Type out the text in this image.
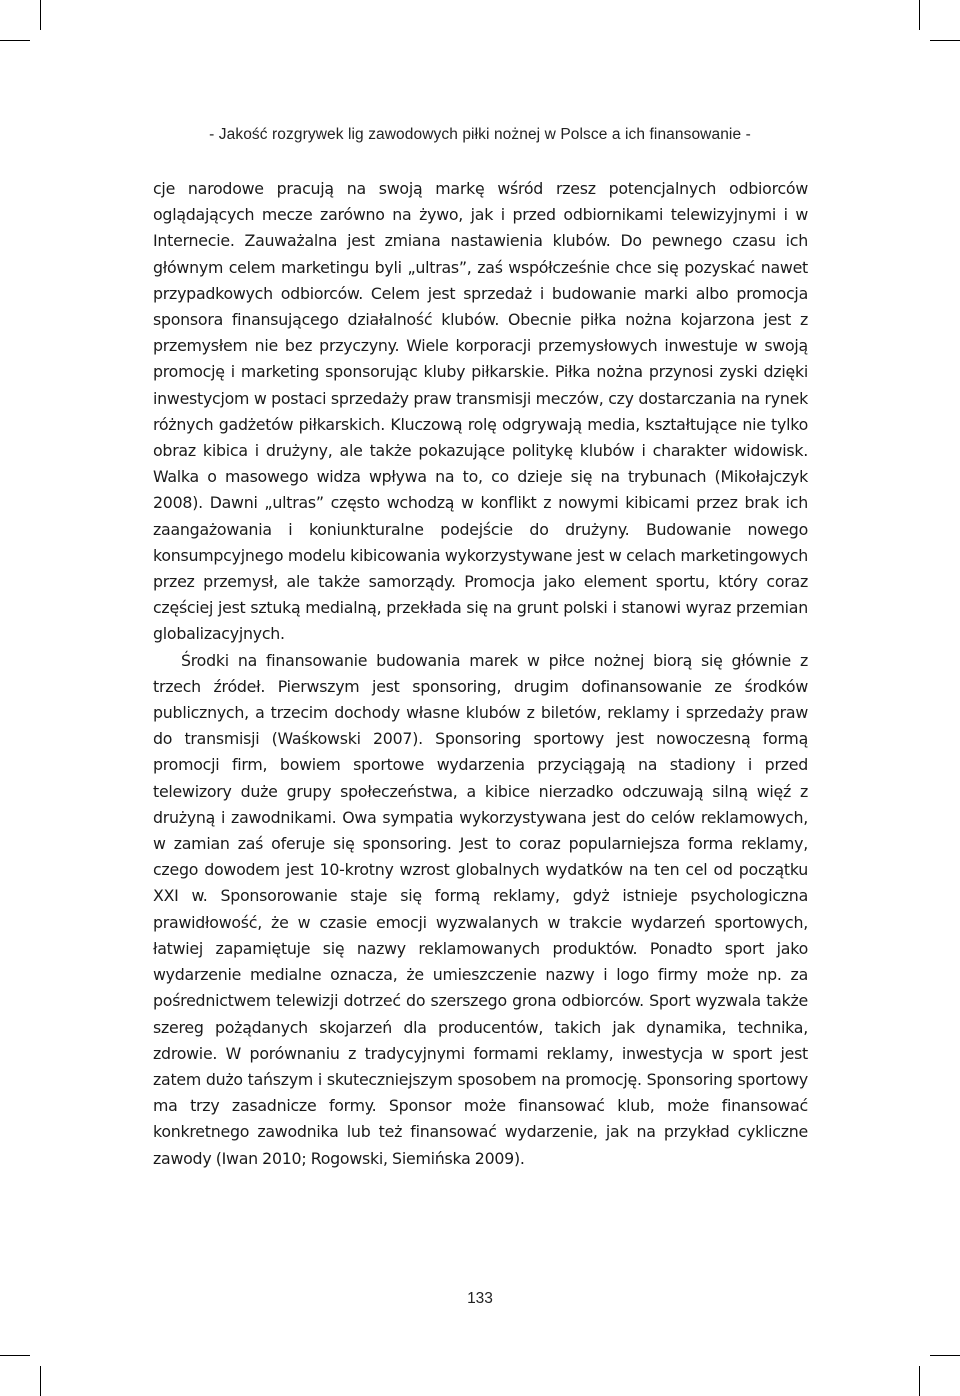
- Jakość rozgrywek lig zawodowych piłki nożnej w Polsce a ich finansowanie -

cje narodowe pracują na swoją markę wśród rzesz potencjalnych odbiorców oglądających mecze zarówno na żywo, jak i przed odbiornikami telewizyjnymi i w Internecie. Zauważalna jest zmiana nastawienia klubów. Do pewnego czasu ich głównym celem marketingu byli „ultras”, zaś współcześnie chce się pozyskać nawet przypadkowych odbiorców. Celem jest sprzedaż i budowanie marki albo promocja sponsora finansującego działalność klubów. Obecnie piłka nożna kojarzona jest z przemysłem nie bez przyczyny. Wiele korporacji przemysłowych inwestuje w swoją promocję i marketing sponsorując kluby piłkarskie. Piłka nożna przynosi zyski dzięki inwestycjom w postaci sprzedaży praw transmisji meczów, czy dostarczania na rynek różnych gadżetów piłkarskich. Kluczową rolę odgrywają media, kształtujące nie tylko obraz kibica i drużyny, ale także pokazujące politykę klubów i charakter widowisk. Walka o masowego widza wpływa na to, co dzieje się na trybunach (Mikołajczyk 2008). Dawni „ultras” często wchodzą w konflikt z nowymi kibicami przez brak ich zaangażowania i koniunkturalne podejście do drużyny. Budowanie nowego konsumpcyjnego modelu kibicowania wykorzystywane jest w celach marketingowych przez przemysł, ale także samorządy. Promocja jako element sportu, który coraz częściej jest sztuką medialną, przekłada się na grunt polski i stanowi wyraz przemian globalizacyjnych.

Środki na finansowanie budowania marek w piłce nożnej biorą się głównie z trzech źródeł. Pierwszym jest sponsoring, drugim dofinansowanie ze środków publicznych, a trzecim dochody własne klubów z biletów, reklamy i sprzedaży praw do transmisji (Waśkowski 2007). Sponsoring sportowy jest nowoczesną formą promocji firm, bowiem sportowe wydarzenia przyciągają na stadiony i przed telewizory duże grupy społeczeństwa, a kibice nierzadko odczuwają silną więź z drużyną i zawodnikami. Owa sympatia wykorzystywana jest do celów reklamowych, w zamian zaś oferuje się sponsoring. Jest to coraz popularniejsza forma reklamy, czego dowodem jest 10-krotny wzrost globalnych wydatków na ten cel od początku XXI w. Sponsorowanie staje się formą reklamy, gdyż istnieje psychologiczna prawidłowość, że w czasie emocji wyzwalanych w trakcie wydarzeń sportowych, łatwiej zapamiętuje się nazwy reklamowanych produktów. Ponadto sport jako wydarzenie medialne oznacza, że umieszczenie nazwy i logo firmy może np. za pośrednictwem telewizji dotrzeć do szerszego grona odbiorców. Sport wyzwala także szereg pożądanych skojarzeń dla producentów, takich jak dynamika, technika, zdrowie. W porównaniu z tradycyjnymi formami reklamy, inwestycja w sport jest zatem dużo tańszym i skuteczniejszym sposobem na promocję. Sponsoring sportowy ma trzy zasadnicze formy. Sponsor może finansować klub, może finansować konkretnego zawodnika lub też finansować wydarzenie, jak na przykład cykliczne zawody (Iwan 2010; Rogowski, Siemińska 2009).

133
